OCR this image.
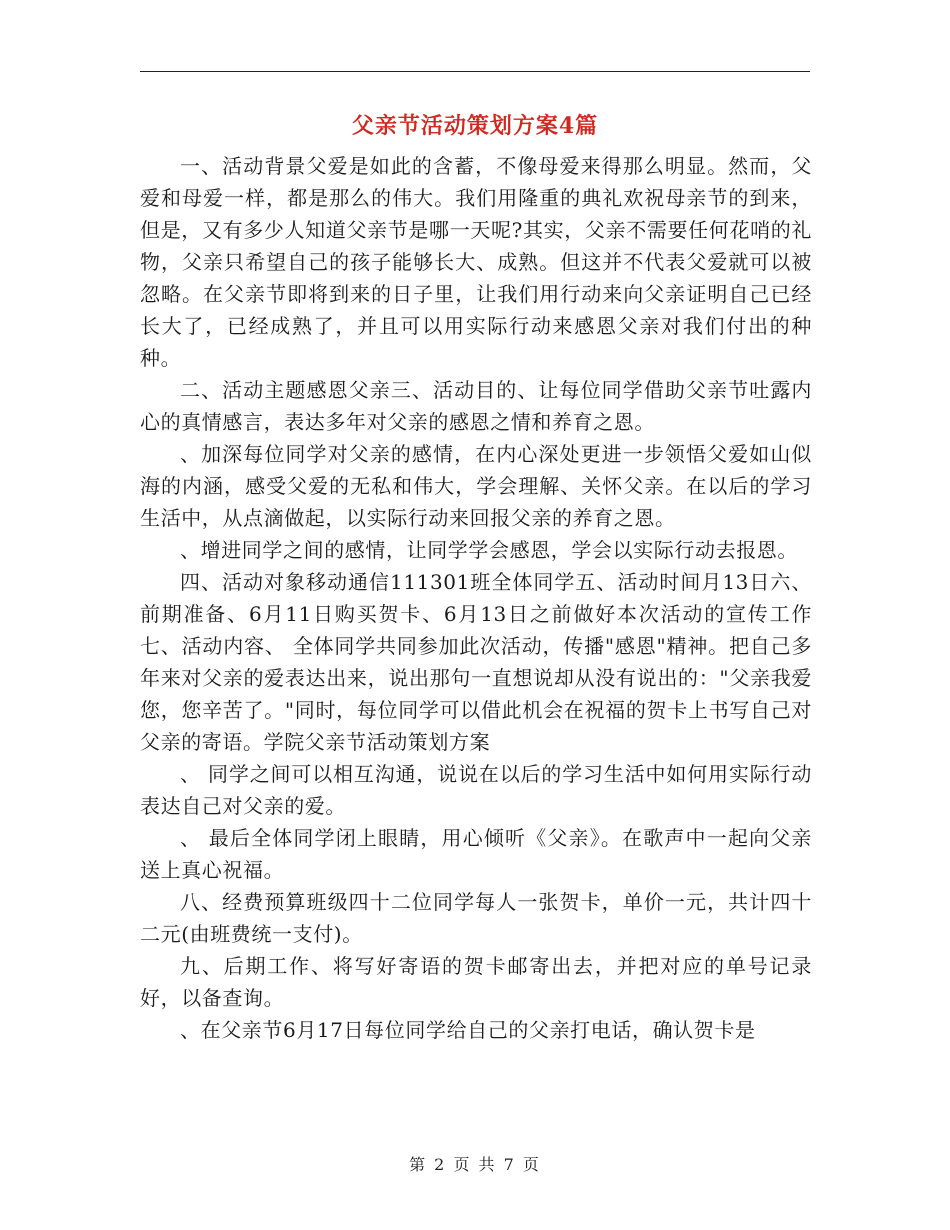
父亲节活动策划方案4篇

一、活动背景父爱是如此的含蓄，不像母爱来得那么明显。然而，父爱和母爱一样，都是那么的伟大。我们用隆重的典礼欢祝母亲节的到来，但是，又有多少人知道父亲节是哪一天呢?其实，父亲不需要任何花哨的礼物，父亲只希望自己的孩子能够长大、成熟。但这并不代表父爱就可以被忽略。在父亲节即将到来的日子里，让我们用行动来向父亲证明自己已经长大了，已经成熟了，并且可以用实际行动来感恩父亲对我们付出的种种。

二、活动主题感恩父亲三、活动目的、让每位同学借助父亲节吐露内心的真情感言，表达多年对父亲的感恩之情和养育之恩。

、加深每位同学对父亲的感情，在内心深处更进一步领悟父爱如山似海的内涵，感受父爱的无私和伟大，学会理解、关怀父亲。在以后的学习生活中，从点滴做起，以实际行动来回报父亲的养育之恩。

、增进同学之间的感情，让同学学会感恩，学会以实际行动去报恩。

四、活动对象移动通信111301班全体同学五、活动时间月13日六、前期准备、6月11日购买贺卡、6月13日之前做好本次活动的宣传工作七、活动内容、 全体同学共同参加此次活动，传播"感恩"精神。把自己多年来对父亲的爱表达出来，说出那句一直想说却从没有说出的："父亲我爱您，您辛苦了。"同时，每位同学可以借此机会在祝福的贺卡上书写自己对父亲的寄语。学院父亲节活动策划方案

、 同学之间可以相互沟通，说说在以后的学习生活中如何用实际行动表达自己对父亲的爱。

、 最后全体同学闭上眼睛，用心倾听《父亲》。在歌声中一起向父亲送上真心祝福。

八、经费预算班级四十二位同学每人一张贺卡，单价一元，共计四十二元(由班费统一支付)。

九、后期工作、将写好寄语的贺卡邮寄出去，并把对应的单号记录好，以备查询。

、在父亲节6月17日每位同学给自己的父亲打电话，确认贺卡是

第 2 页 共 7 页
